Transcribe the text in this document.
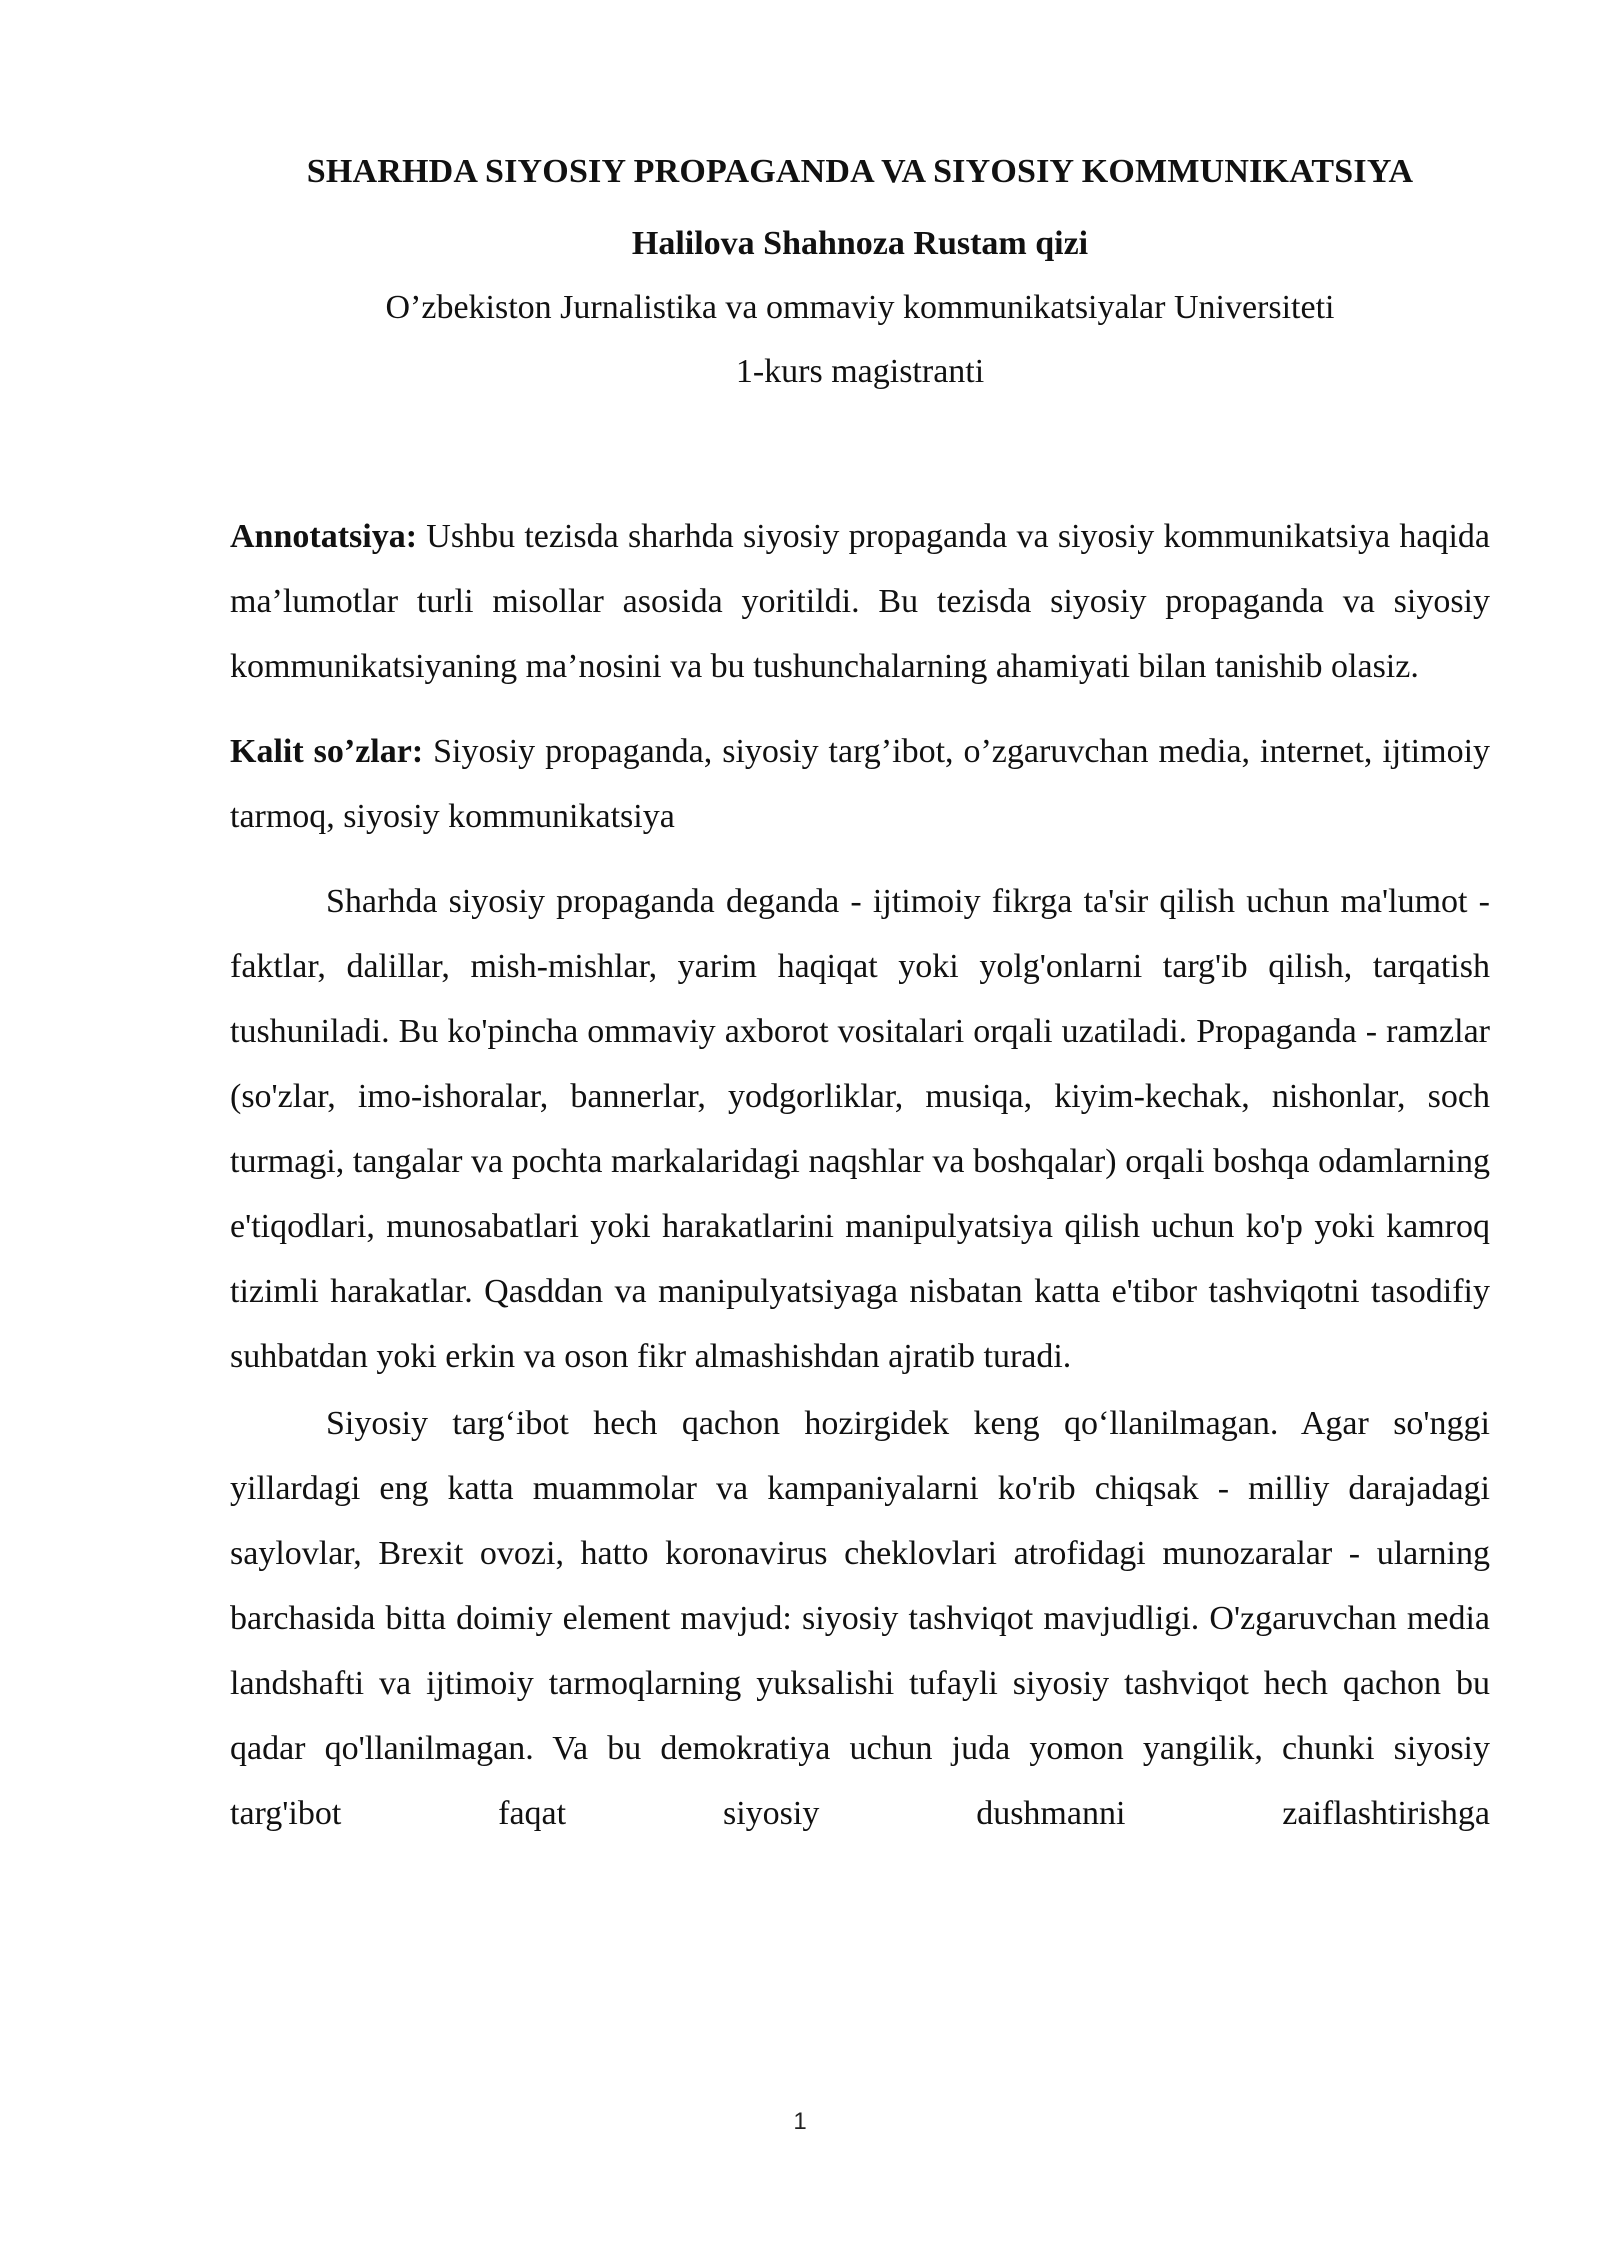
SHARHDA SIYOSIY PROPAGANDA VA SIYOSIY KOMMUNIKATSIYA

Halilova Shahnoza Rustam qizi

O’zbekiston Jurnalistika va ommaviy kommunikatsiyalar Universiteti

1-kurs magistranti

Annotatsiya: Ushbu tezisda sharhda siyosiy propaganda va siyosiy kommunikatsiya haqida ma’lumotlar turli misollar asosida yoritildi. Bu tezisda siyosiy propaganda va siyosiy kommunikatsiyaning ma’nosini va bu tushunchalarning ahamiyati bilan tanishib olasiz.

Kalit so’zlar: Siyosiy propaganda, siyosiy targ’ibot, o’zgaruvchan media, internet, ijtimoiy tarmoq, siyosiy kommunikatsiya

Sharhda siyosiy propaganda deganda - ijtimoiy fikrga ta'sir qilish uchun ma'lumot - faktlar, dalillar, mish-mishlar, yarim haqiqat yoki yolg'onlarni targ'ib qilish, tarqatish tushuniladi. Bu ko'pincha ommaviy axborot vositalari orqali uzatiladi. Propaganda - ramzlar (so'zlar, imo-ishoralar, bannerlar, yodgorliklar, musiqa, kiyim-kechak, nishonlar, soch turmagi, tangalar va pochta markalaridagi naqshlar va boshqalar) orqali boshqa odamlarning e'tiqodlari, munosabatlari yoki harakatlarini manipulyatsiya qilish uchun ko'p yoki kamroq tizimli harakatlar. Qasddan va manipulyatsiyaga nisbatan katta e'tibor tashviqotni tasodifiy suhbatdan yoki erkin va oson fikr almashishdan ajratib turadi.

Siyosiy targ‘ibot hech qachon hozirgidek keng qo‘llanilmagan. Agar so'nggi yillardagi eng katta muammolar va kampaniyalarni ko'rib chiqsak - milliy darajadagi saylovlar, Brexit ovozi, hatto koronavirus cheklovlari atrofidagi munozaralar - ularning barchasida bitta doimiy element mavjud: siyosiy tashviqot mavjudligi. O'zgaruvchan media landshafti va ijtimoiy tarmoqlarning yuksalishi tufayli siyosiy tashviqot hech qachon bu qadar qo'llanilmagan. Va bu demokratiya uchun juda yomon yangilik, chunki siyosiy targ'ibot faqat siyosiy dushmanni zaiflashtirishga

1
